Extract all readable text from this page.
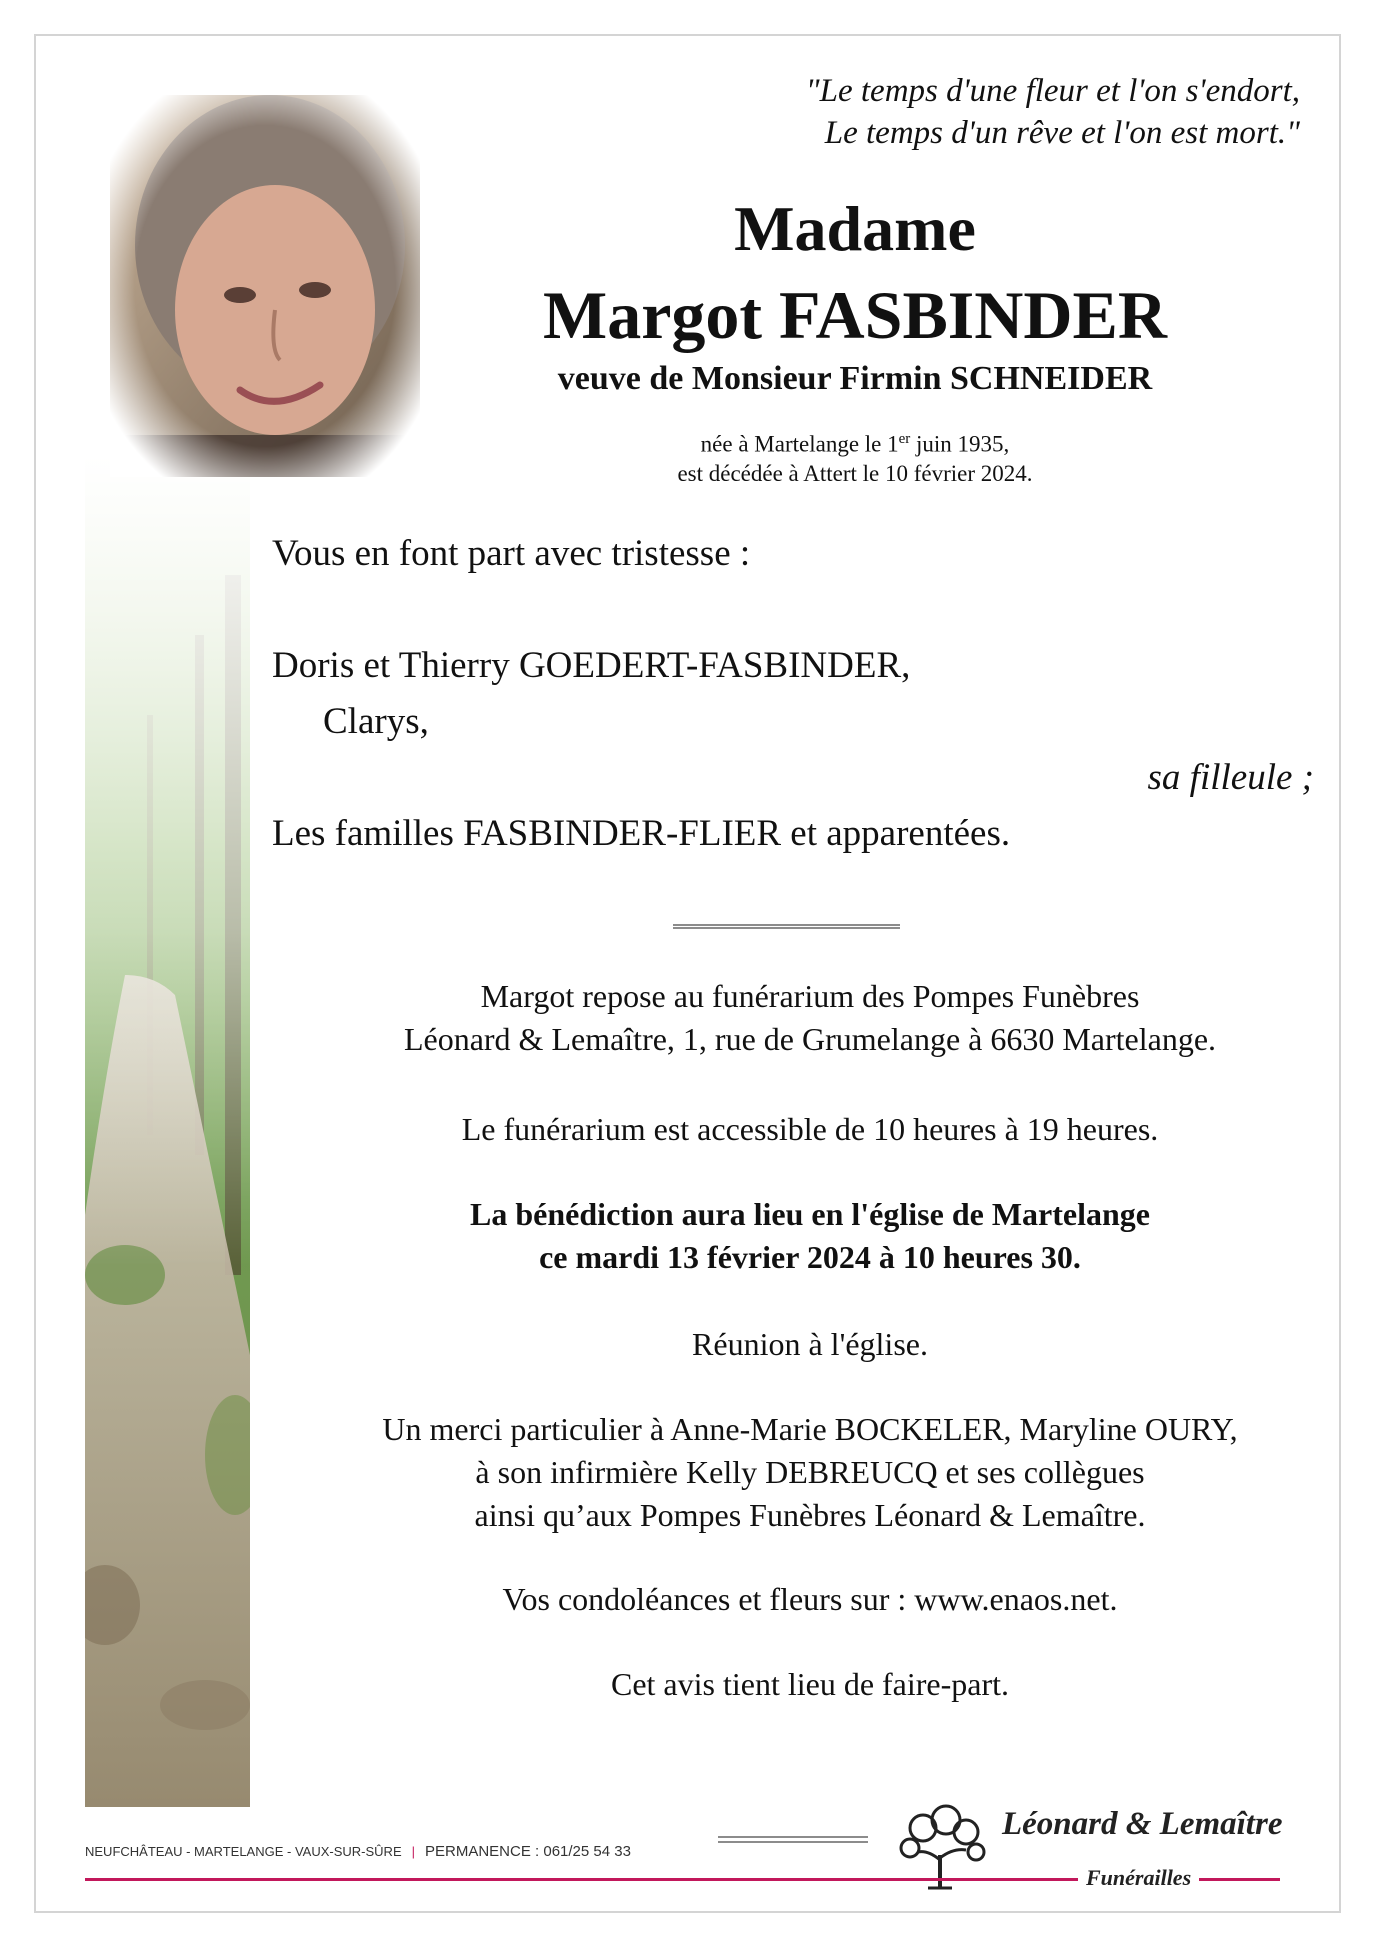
"Le temps d'une fleur et l'on s'endort,
Le temps d'un rêve et l'on est mort."
Madame
Margot FASBINDER
veuve de Monsieur Firmin SCHNEIDER
née à Martelange le 1er juin 1935,
est décédée à Attert le 10 février 2024.
Vous en font part avec tristesse :
Doris et Thierry GOEDERT-FASBINDER,
Clarys,
sa filleule ;
Les familles FASBINDER-FLIER et apparentées.
Margot repose au funérarium des Pompes Funèbres
Léonard & Lemaître, 1, rue de Grumelange à 6630 Martelange.
Le funérarium est accessible de 10 heures à 19 heures.
La bénédiction aura lieu en l'église de Martelange
ce mardi 13 février 2024 à 10 heures 30.
Réunion à l'église.
Un merci particulier à Anne-Marie BOCKELER, Maryline OURY,
à son infirmière Kelly DEBREUCQ et ses collègues
ainsi qu’aux Pompes Funèbres Léonard & Lemaître.
Vos condoléances et fleurs sur : www.enaos.net.
Cet avis tient lieu de faire-part.
NEUFCHÂTEAU - MARTELANGE - VAUX-SUR-SÛRE | PERMANENCE : 061/25 54 33
Léonard & Lemaître
Funérailles
